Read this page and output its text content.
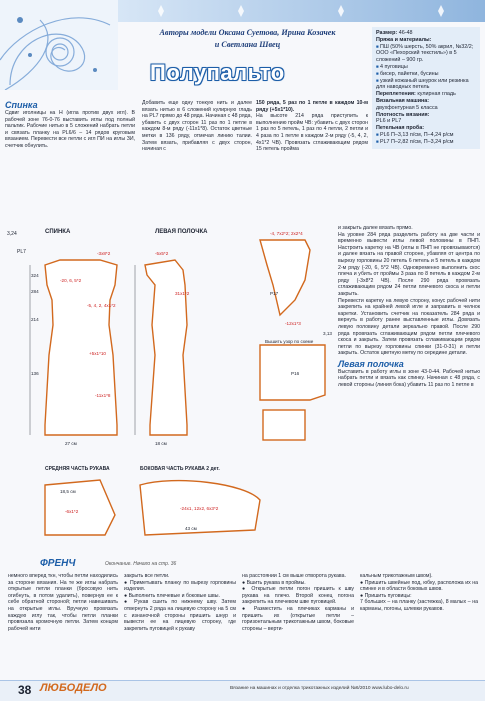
Авторы модели Оксана Суетова, Ирина Козачек
и Светлана Швец
Полупальто
Спинка
Сдвиг иголницы на Н (игла против двух игл). В рабочей зоне 76-0-76 выставить иглы под полный пальтик. Рабочие нитью в 5 сложений набрать петли и связать планку на PL6/6 – 14 рядов круговым вязанием. Перевести все петли с игл ПИ на иглы ЗИ, счетчик обнулить.
Добавить еще одну тонкую нить и далее вязать нитью в 6 сложений кулирную гладь на PL7 прямо до 48 ряда. Начиная с 48 ряда, убавить с двух сторон 11 раз по 1 петле в каждом 8-м ряду (-11х1*8). Остаток цветные метки в 136 ряду, отмечая линию талии. Затем вязать, прибавляя с двух сторон, начиная с
150 ряда, 5 раз по 1 петле в каждом 10-м ряду (+5х1*10).
На высоте 214 ряда приступить к выполнению пройм ЧВ: убавить с двух сторон 1 раз по 5 петель, 1 раз по 4 петли, 2 петли и 4 раза по 1 петле в каждом 2-м ряду (-5, 4, 2, 4х1*2 ЧВ). Провязать сглаживающим рядом 15 петель пройма
Размер: 46-48
Пряжа и материалы:
■ ПШ (50% шерсть, 50% акрил, №32/2; ООО «Пехорский текстиль») в 5 сложений – 900 гр.
■ 4 пуговицы
■ бисер, пайетки, бусины
■ узкий кожаный шнурок или резинка для наводных петель
Переплетения: кулирная гладь
Вязальная машина:
двухфонтурная 5 класса
Плотность вязания:
PL6 и PL7
Петельная проба:
■ PL6 П–3,13 п/см, П–4,24 р/см
■ PL7 П–2,82 п/см, П–3,24 р/см
и закрыть далее вязать прямо.
На уровне 284 ряда разделить работу на две части и временно вывести иглы левой половины в ПНП. Настроить каретку на ЧВ (иглы в ПНП не провязываются) и далее вязать на правой стороне, убавляя от центра по вырезу горловины 20 петель 6 петель и 5 петель в каждом 2-м ряду (-20, 6, 5*2 ЧВ). Одновременно выполнить скос плеча и убить от проймы 3 раза по 8 петель в каждом 2-м ряду (-3х8*2 ЧВ). После 290 ряда провязать сглаживающим рядом 24 петли плечевого скоса и петли закрыть.
Перевести каретку на левую сторону, конус рабочей нити закрепить на крайней левой игле и заправить в челнок каретки. Установить счетчик на показатель 284 ряда и вернуть в работу ранее выставленные иглы. Довязать левую половину детали зеркально правой. После 290 ряда провязать сглаживающим рядом петли плечевого скоса и закрыть. Затем провязать сглаживающим рядом петли по вырезу горловины спинки (31-0-31) и петли закрыть. Остаток цветную метку по середине детали.
Левая полочка
Выставить в работу иглы в зоне 43-0-44. Рабочей нитью набрать петли и вязать как спинку. Начиная с 48 ряда, с левой стороны (линия бока) убавить 11 раз по 1 петле в
СПИНКА	ЛЕВАЯ ПОЛОЧКА
3,24
PL7
324
284
214
136
27 см	18 см
-3х8*2	-5х5*2
-20, 6, 5*2
-5, 4, 2, 4х1*2
+5х1*10
-11х1*8
31х1*2	P17
P16
-4, 7х2*2; 2х2*4
-12х1*3
Вышить узор по схеме
3,13
СРЕДНЯЯ ЧАСТЬ РУКАВА	БОКОВАЯ ЧАСТЬ РУКАВА 2 дет.
18,5 см
-6х1*2
-24х1, 12х2, 6х3*2
43 см
ФРЕНЧ	Окончание. Начало на стр. 36
немного вперед ткн, чтобы петли находились за стороне вязания. На те же иглы набрать открытые петли планки (бросовую нить огибнуть, в потом удалить), повернув ее к себе обратной стороной; петли навешивать на открытые иглы. Вручную провязать каждую иглу так, чтобы петли планки провязала кромочную петли. Затем концом рабочей нити
закрыть все петли.
● Приметывать планку по вырезу горловины изделия.
● Выполнить плечевые и боковые швы.
● Рукав сшить по нижнему шву. Затем отвернуть 2 ряда на лицевую сторону на 5 см с изнаночной стороны пришить шнур и вывести ее на лицевую сторону, где закрепить пуговицей к рукаву
на расстоянии 1 см выше отворота рукава.
● Вшить рукава в проймы.
● Открытые петли погон пришить к шву рукава на плечо. Второй конец погона закрепить на плечевом шве пуговицей.
● Разместить на плечиках карманы и пришить их (открытые петли – горизонтальным трикотажным швом, боковые стороны – верти-
кальным трикотажным швом).
● Пришить швейные под, юбку, расположа их на спинке и в области боковых швов.
● Пришить пуговицы:
7 больших – на планку (застежка), 8 малых – на карманы, погоны, шлевки рукавов.
38 ЛЮБОДЕЛО	Вязание на машинах и отделка трикотажных изделий №6/2010 www.lubo-delo.ru
